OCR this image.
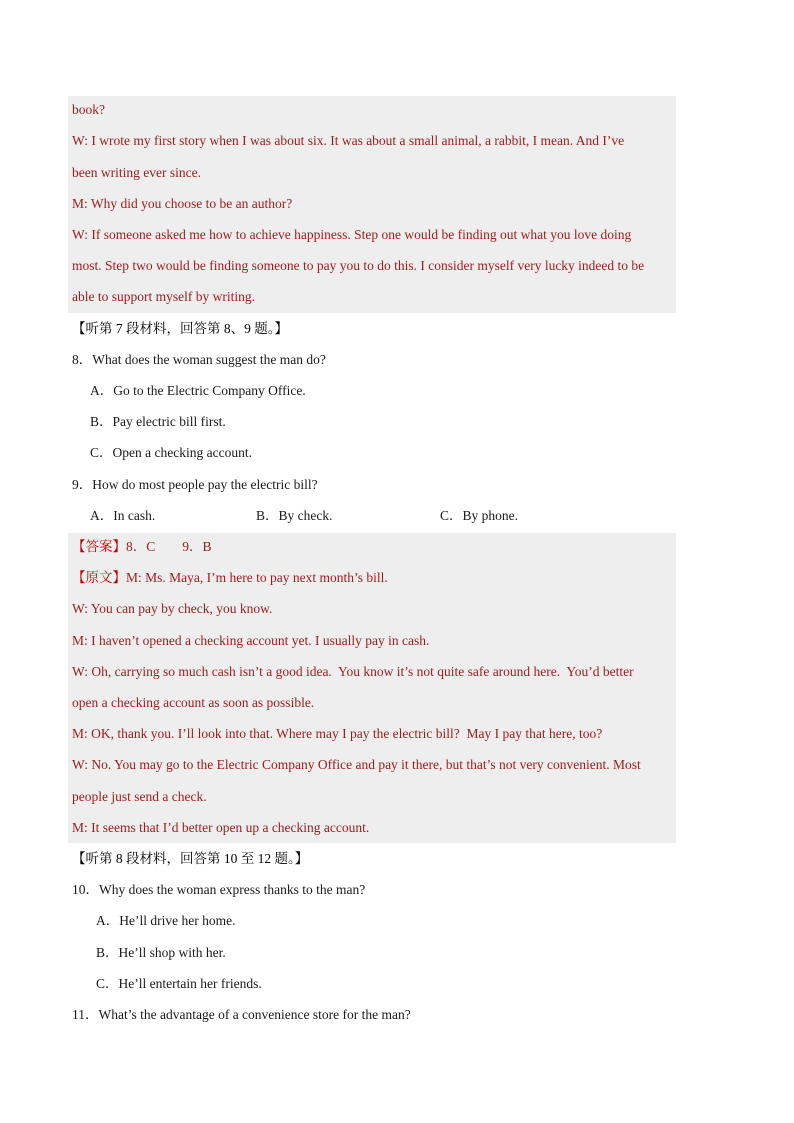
book?
W: I wrote my first story when I was about six. It was about a small animal, a rabbit, I mean. And I’ve
been writing ever since.
M: Why did you choose to be an author?
W: If someone asked me how to achieve happiness. Step one would be finding out what you love doing
most. Step two would be finding someone to pay you to do this. I consider myself very lucky indeed to be
able to support myself by writing.
【听第 7 段材料，回答第 8、9 题。】
8．What does the woman suggest the man do?
A．Go to the Electric Company Office.
B．Pay electric bill first.
C．Open a checking account.
9．How do most people pay the electric bill?
A．In cash.	B．By check.	C．By phone.
【答案】8．C        9．B
【原文】M: Ms. Maya, I’m here to pay next month’s bill.
W: You can pay by check, you know.
M: I haven’t opened a checking account yet. I usually pay in cash.
W: Oh, carrying so much cash isn’t a good idea.  You know it’s not quite safe around here.  You’d better
open a checking account as soon as possible.
M: OK, thank you. I’ll look into that. Where may I pay the electric bill?  May I pay that here, too?
W: No. You may go to the Electric Company Office and pay it there, but that’s not very convenient. Most
people just send a check.
M: It seems that I’d better open up a checking account.
【听第 8 段材料，回答第 10 至 12 题。】
10．Why does the woman express thanks to the man?
A．He’ll drive her home.
B．He’ll shop with her.
C．He’ll entertain her friends.
11．What’s the advantage of a convenience store for the man?
